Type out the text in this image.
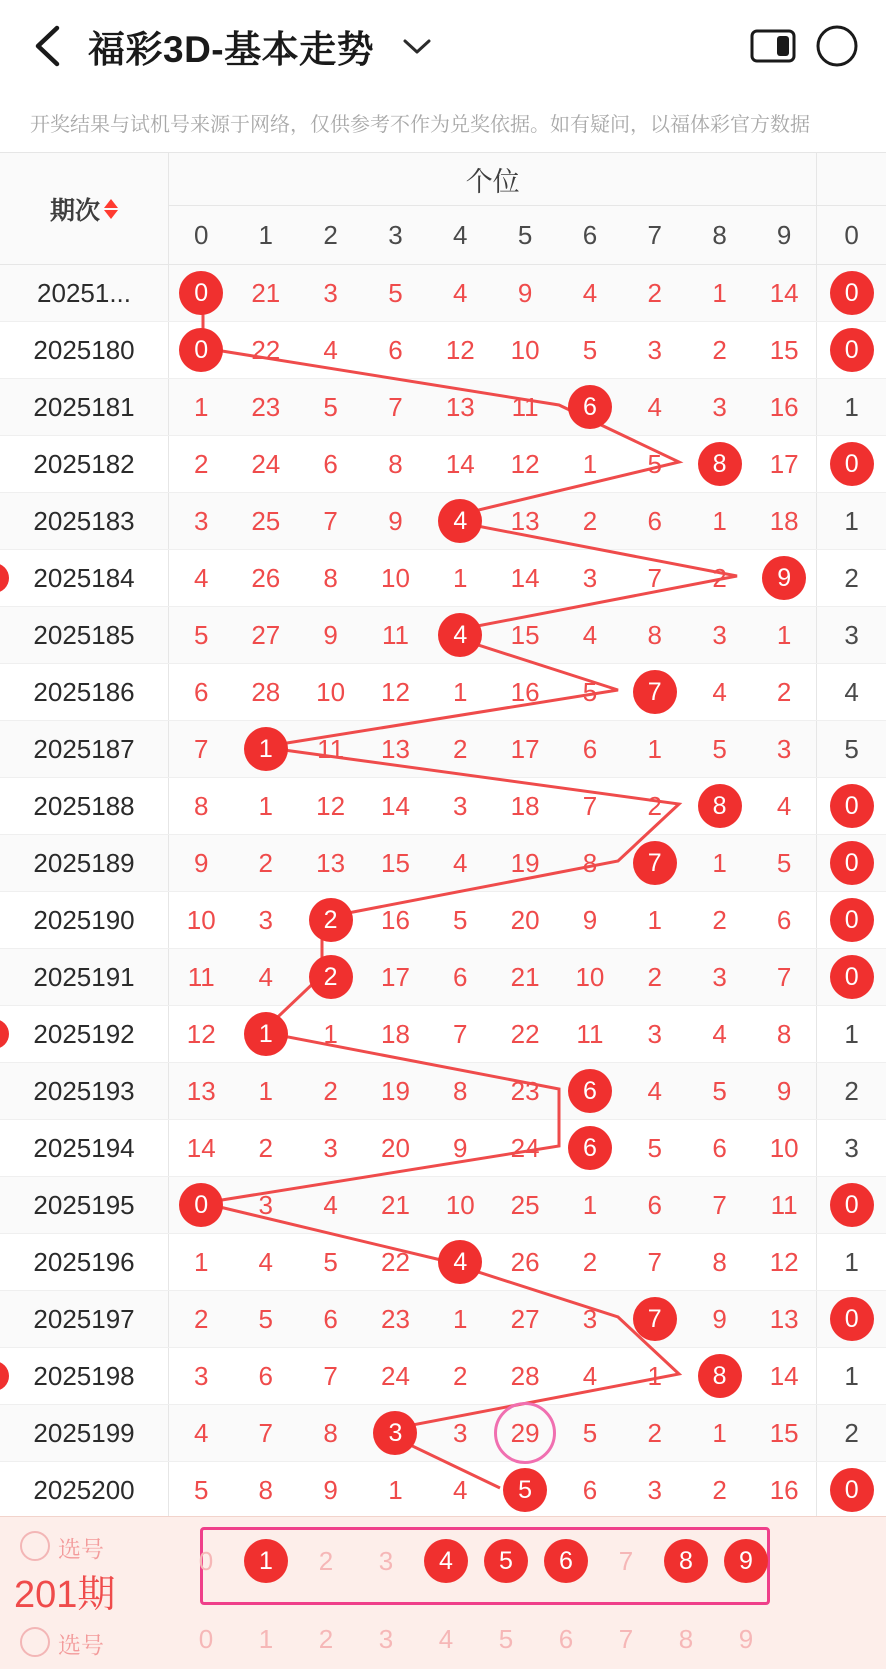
福彩3D-基本走势
开奖结果与试机号来源于网络，仅供参考不作为兑奖依据。如有疑问，以福体彩官方数据
期次	个位										
	0	1	2	3	4	5	6	7	8	9	0
20251...	0	21	3	5	4	9	4	2	1	14	0
2025180	0	22	4	6	12	10	5	3	2	15	0
2025181	1	23	5	7	13	11	6	4	3	16	1
2025182	2	24	6	8	14	12	1	5	8	17	0
2025183	3	25	7	9	4	13	2	6	1	18	1
2025184	4	26	8	10	1	14	3	7	2	9	2
2025185	5	27	9	11	4	15	4	8	3	1	3
2025186	6	28	10	12	1	16	5	7	4	2	4
2025187	7	1	11	13	2	17	6	1	5	3	5
2025188	8	1	12	14	3	18	7	2	8	4	0
2025189	9	2	13	15	4	19	8	7	1	5	0
2025190	10	3	2	16	5	20	9	1	2	6	0
2025191	11	4	2	17	6	21	10	2	3	7	0
2025192	12	1	1	18	7	22	11	3	4	8	1
2025193	13	1	2	19	8	23	6	4	5	9	2
2025194	14	2	3	20	9	24	6	5	6	10	3
2025195	0	3	4	21	10	25	1	6	7	11	0
2025196	1	4	5	22	4	26	2	7	8	12	1
2025197	2	5	6	23	1	27	3	7	9	13	0
2025198	3	6	7	24	2	28	4	1	8	14	1
2025199	4	7	8	3	3	29	5	2	1	15	2
2025200	5	8	9	1	4	5	6	3	2	16	0
选号
201期
选号
0	1	2 3	4	5	6	7	8	9
0 1 2 3 4 5 6 7 8 9
